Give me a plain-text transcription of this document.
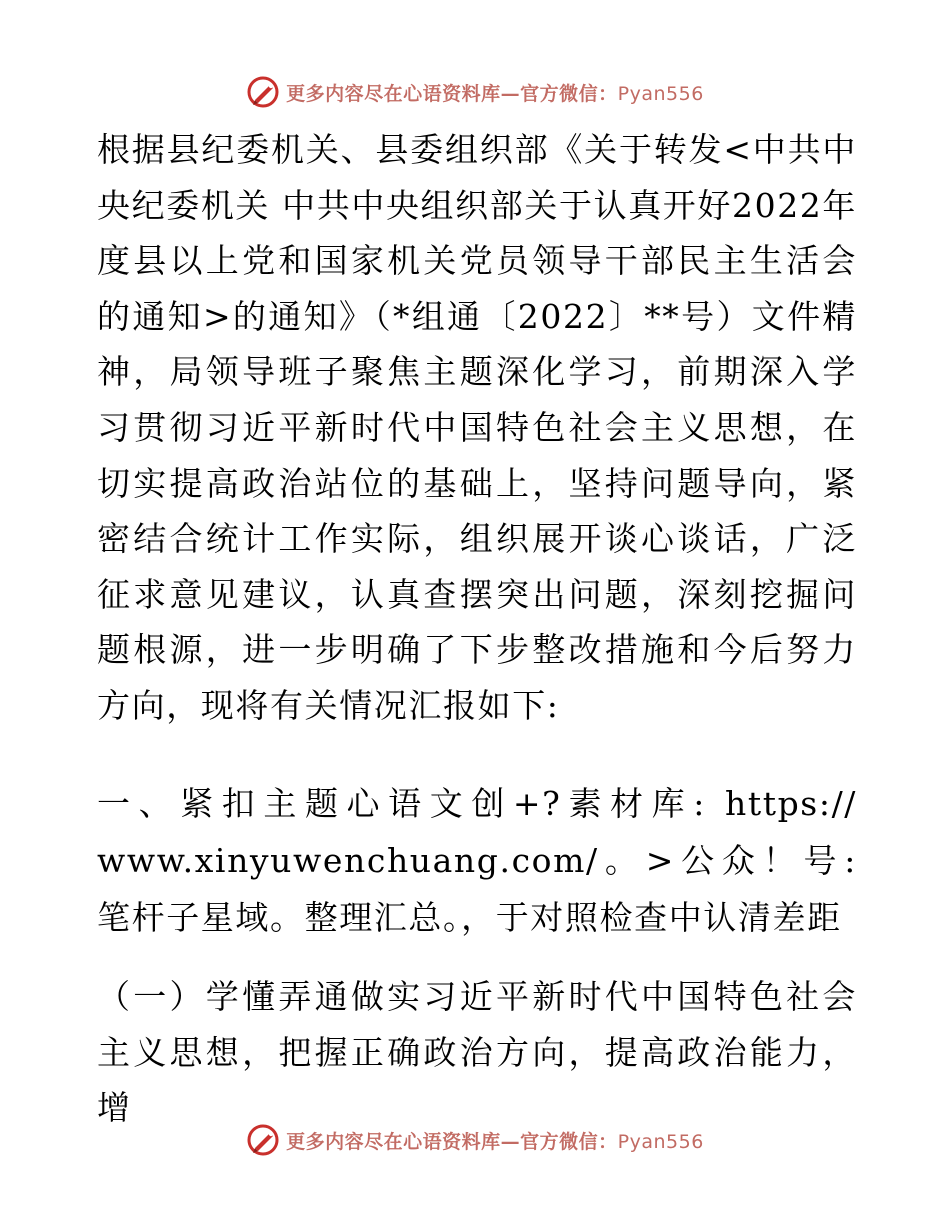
更多内容尽在心语资料库—官方微信：Pyan556

根据县纪委机关、县委组织部《关于转发<中共中央纪委机关 中共中央组织部关于认真开好2022年度县以上党和国家机关党员领导干部民主生活会的通知>的通知》（*组通〔2022〕**号）文件精神，局领导班子聚焦主题深化学习，前期深入学习贯彻习近平新时代中国特色社会主义思想，在切实提高政治站位的基础上，坚持问题导向，紧密结合统计工作实际，组织展开谈心谈话，广泛征求意见建议，认真查摆突出问题，深刻挖掘问题根源，进一步明确了下步整改措施和今后努力方向，现将有关情况汇报如下:

一、紧扣主题心语文创+?素材库: https:// www.xinyuwenchuang.com/。>公众！号: 笔杆子星域。整理汇总。，于对照检查中认清差距

（一）学懂弄通做实习近平新时代中国特色社会主义思想，把握正确政治方向，提高政治能力，增

更多内容尽在心语资料库—官方微信：Pyan556
